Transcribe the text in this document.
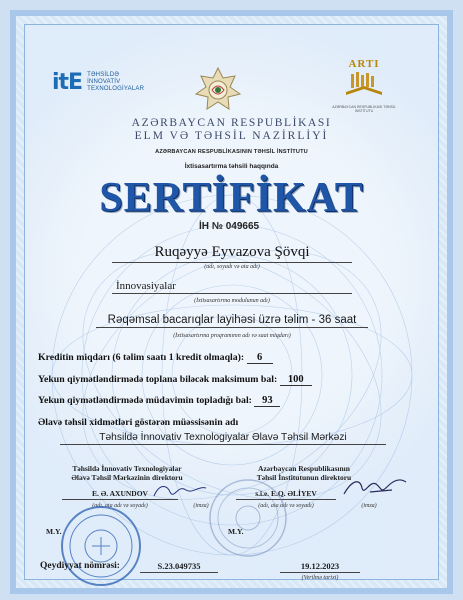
itE TƏHSİLDƏ
İNNOVATİV
TEXNOLOGİYALAR
ARTI
AZƏRBAYCAN RESPUBLİKASI TƏHSİL İNSTİTUTU
AZƏRBAYCAN RESPUBLİKASI
ELM VƏ TƏHSİL NAZİRLİYİ
AZƏRBAYCAN RESPUBLİKASININ TƏHSİL İNSTİTUTU
İxtisasartırma təhsili haqqında
SERTİFİKAT
İH № 049665
Ruqəyyə Eyvazova Şövqi
(adı, soyadı və ata adı)
İnnovasiyalar
(İxtisasartırma modulunun adı)
Rəqəmsal bacarıqlar layihəsi üzrə təlim - 36 saat
(İxtisasartırma proqramının adı və saat miqdarı)
Kreditin miqdarı (6 təlim saatı 1 kredit olmaqla): 6
Yekun qiymətləndirmədə toplana biləcək maksimum bal: 100
Yekun qiymətləndirmədə müdavimin topladığı bal: 93
Əlavə təhsil xidmətləri göstərən müəssisənin adı
Təhsildə İnnovativ Texnologiyalar Əlavə Təhsil Mərkəzi
Təhsildə İnnovativ Texnologiyalar
Əlavə Təhsil Mərkəzinin direktoru
E. Ə. AXUNDOV
(adı, ata adı və soyadı)	(imza)
Azərbaycan Respublikasının
Təhsil İnstitutunun direktoru
s.i.e. E.Q. ƏLİYEV
(adı, ata adı və soyadı)	(imza)
M.Y.	M.Y.
Qeydiyyat nömrəsi:	S.23.049735	19.12.2023
(Verilmə tarixi)
